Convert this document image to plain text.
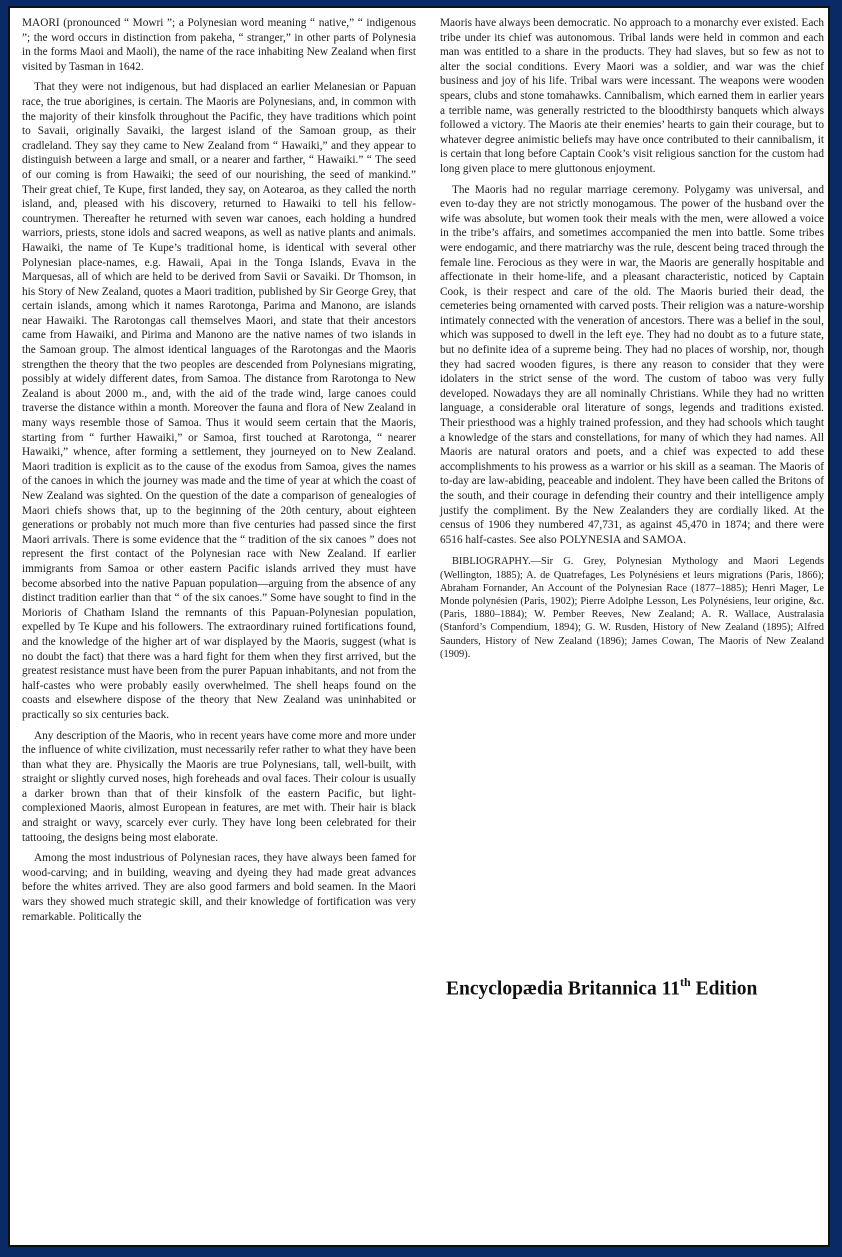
MAORI (pronounced “ Mowri ”; a Polynesian word meaning “ native,” “ indigenous ”; the word occurs in distinction from pakeha, “ stranger,” in other parts of Polynesia in the forms Maoi and Maoli), the name of the race inhabiting New Zealand when first visited by Tasman in 1642.

That they were not indigenous, but had displaced an earlier Melanesian or Papuan race, the true aborigines, is certain. The Maoris are Polynesians, and, in common with the majority of their kinsfolk throughout the Pacific, they have traditions which point to Savaii, originally Savaiki, the largest island of the Samoan group, as their cradleland. They say they came to New Zealand from “ Hawaiki,” and they appear to distinguish between a large and small, or a nearer and farther, “ Hawaiki.” “ The seed of our coming is from Hawaiki; the seed of our nourishing, the seed of mankind.” Their great chief, Te Kupe, first landed, they say, on Aotearoa, as they called the north island, and, pleased with his discovery, returned to Hawaiki to tell his fellow-countrymen. Thereafter he returned with seven war canoes, each holding a hundred warriors, priests, stone idols and sacred weapons, as well as native plants and animals. Hawaiki, the name of Te Kupe’s traditional home, is identical with several other Polynesian place-names, e.g. Hawaii, Apai in the Tonga Islands, Evava in the Marquesas, all of which are held to be derived from Savii or Savaiki. Dr Thomson, in his Story of New Zealand, quotes a Maori tradition, published by Sir George Grey, that certain islands, among which it names Rarotonga, Parima and Manono, are islands near Hawaiki. The Rarotongas call themselves Maori, and state that their ancestors came from Hawaiki, and Pirima and Manono are the native names of two islands in the Samoan group. The almost identical languages of the Rarotongas and the Maoris strengthen the theory that the two peoples are descended from Polynesians migrating, possibly at widely different dates, from Samoa. The distance from Rarotonga to New Zealand is about 2000 m., and, with the aid of the trade wind, large canoes could traverse the distance within a month. Moreover the fauna and flora of New Zealand in many ways resemble those of Samoa. Thus it would seem certain that the Maoris, starting from “ further Hawaiki,” or Samoa, first touched at Rarotonga, “ nearer Hawaiki,” whence, after forming a settlement, they journeyed on to New Zealand. Maori tradition is explicit as to the cause of the exodus from Samoa, gives the names of the canoes in which the journey was made and the time of year at which the coast of New Zealand was sighted. On the question of the date a comparison of genealogies of Maori chiefs shows that, up to the beginning of the 20th century, about eighteen generations or probably not much more than five centuries had passed since the first Maori arrivals. There is some evidence that the “ tradition of the six canoes ” does not represent the first contact of the Polynesian race with New Zealand. If earlier immigrants from Samoa or other eastern Pacific islands arrived they must have become absorbed into the native Papuan population—arguing from the absence of any distinct tradition earlier than that “ of the six canoes.” Some have sought to find in the Morioris of Chatham Island the remnants of this Papuan-Polynesian population, expelled by Te Kupe and his followers. The extraordinary ruined fortifications found, and the knowledge of the higher art of war displayed by the Maoris, suggest (what is no doubt the fact) that there was a hard fight for them when they first arrived, but the greatest resistance must have been from the purer Papuan inhabitants, and not from the half-castes who were probably easily overwhelmed. The shell heaps found on the coasts and elsewhere dispose of the theory that New Zealand was uninhabited or practically so six centuries back.

Any description of the Maoris, who in recent years have come more and more under the influence of white civilization, must necessarily refer rather to what they have been than what they are. Physically the Maoris are true Polynesians, tall, well-built, with straight or slightly curved noses, high foreheads and oval faces. Their colour is usually a darker brown than that of their kinsfolk of the eastern Pacific, but light-complexioned Maoris, almost European in features, are met with. Their hair is black and straight or wavy, scarcely ever curly. They have long been celebrated for their tattooing, the designs being most elaborate.

Among the most industrious of Polynesian races, they have always been famed for wood-carving; and in building, weaving and dyeing they had made great advances before the whites arrived. They are also good farmers and bold seamen. In the Maori wars they showed much strategic skill, and their knowledge of fortification was very remarkable. Politically the

Maoris have always been democratic. No approach to a monarchy ever existed. Each tribe under its chief was autonomous. Tribal lands were held in common and each man was entitled to a share in the products. They had slaves, but so few as not to alter the social conditions. Every Maori was a soldier, and war was the chief business and joy of his life. Tribal wars were incessant. The weapons were wooden spears, clubs and stone tomahawks. Cannibalism, which earned them in earlier years a terrible name, was generally restricted to the bloodthirsty banquets which always followed a victory. The Maoris ate their enemies’ hearts to gain their courage, but to whatever degree animistic beliefs may have once contributed to their cannibalism, it is certain that long before Captain Cook’s visit religious sanction for the custom had long given place to mere gluttonous enjoyment.

The Maoris had no regular marriage ceremony. Polygamy was universal, and even to-day they are not strictly monogamous. The power of the husband over the wife was absolute, but women took their meals with the men, were allowed a voice in the tribe’s affairs, and sometimes accompanied the men into battle. Some tribes were endogamic, and there matriarchy was the rule, descent being traced through the female line. Ferocious as they were in war, the Maoris are generally hospitable and affectionate in their home-life, and a pleasant characteristic, noticed by Captain Cook, is their respect and care of the old. The Maoris buried their dead, the cemeteries being ornamented with carved posts. Their religion was a nature-worship intimately connected with the veneration of ancestors. There was a belief in the soul, which was supposed to dwell in the left eye. They had no doubt as to a future state, but no definite idea of a supreme being. They had no places of worship, nor, though they had sacred wooden figures, is there any reason to consider that they were idolaters in the strict sense of the word. The custom of taboo was very fully developed. Nowadays they are all nominally Christians. While they had no written language, a considerable oral literature of songs, legends and traditions existed. Their priesthood was a highly trained profession, and they had schools which taught a knowledge of the stars and constellations, for many of which they had names. All Maoris are natural orators and poets, and a chief was expected to add these accomplishments to his prowess as a warrior or his skill as a seaman. The Maoris of to-day are law-abiding, peaceable and indolent. They have been called the Britons of the south, and their courage in defending their country and their intelligence amply justify the compliment. By the New Zealanders they are cordially liked. At the census of 1906 they numbered 47,731, as against 45,470 in 1874; and there were 6516 half-castes. See also POLYNESIA and SAMOA.

BIBLIOGRAPHY.—Sir G. Grey, Polynesian Mythology and Maori Legends (Wellington, 1885); A. de Quatrefages, Les Polynésiens et leurs migrations (Paris, 1866); Abraham Fornander, An Account of the Polynesian Race (1877–1885); Henri Mager, Le Monde polynésien (Paris, 1902); Pierre Adolphe Lesson, Les Polynésiens, leur origine, &c. (Paris, 1880–1884); W. Pember Reeves, New Zealand; A. R. Wallace, Australasia (Stanford’s Compendium, 1894); G. W. Rusden, History of New Zealand (1895); Alfred Saunders, History of New Zealand (1896); James Cowan, The Maoris of New Zealand (1909).

Encyclopædia Britannica 11th Edition
